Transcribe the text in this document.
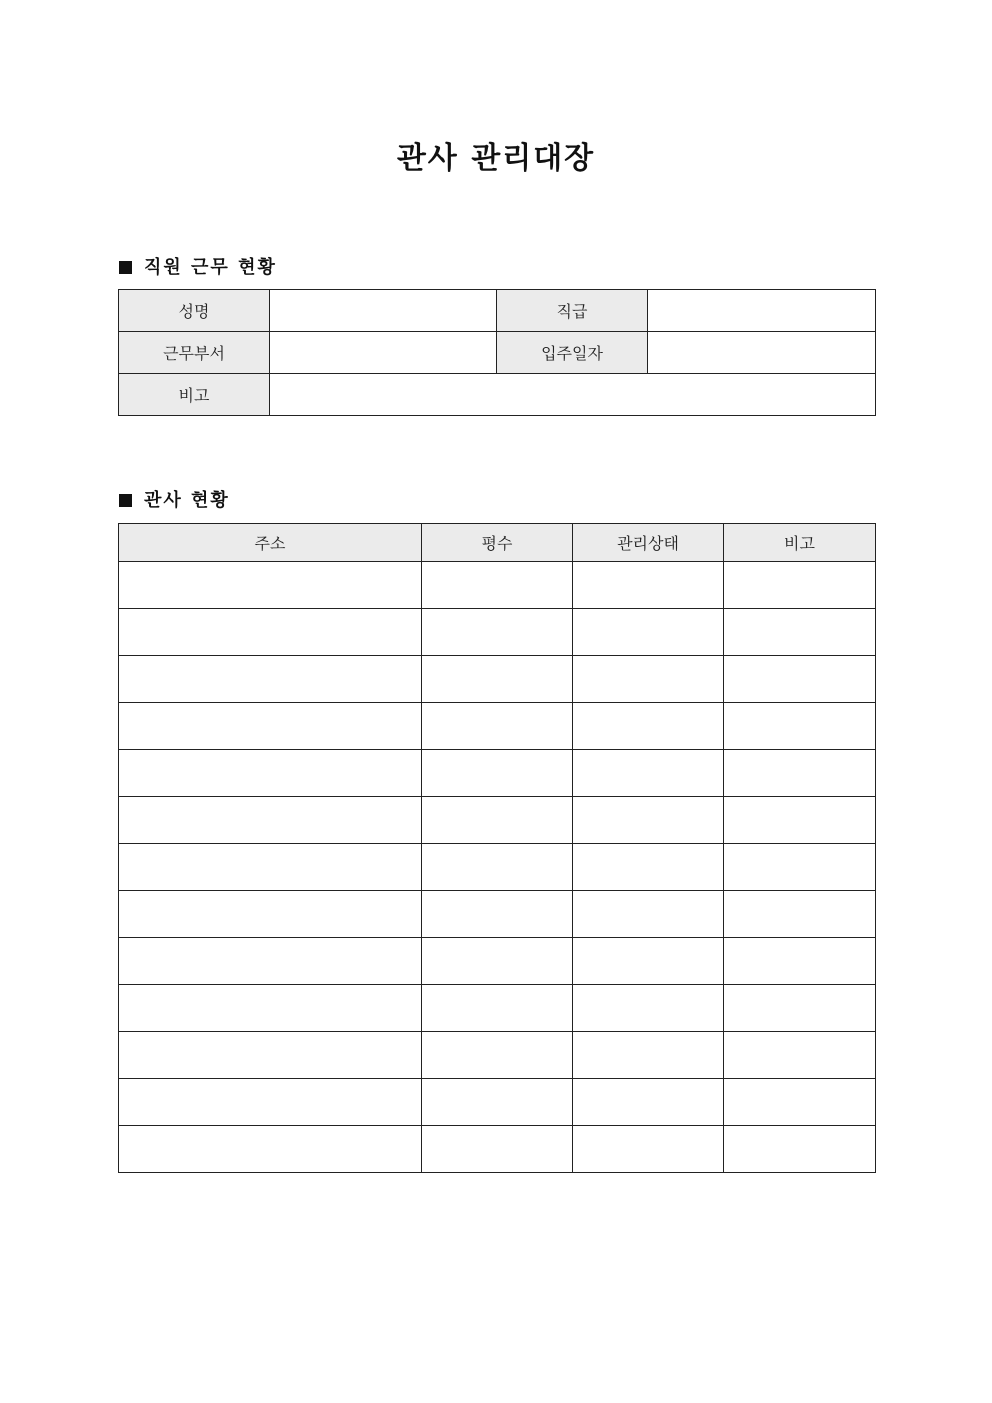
관사 관리대장
직원 근무 현황
성명		직급	
근무부서		입주일자	
비고			
관사 현황
주소	평수	관리상태	비고
